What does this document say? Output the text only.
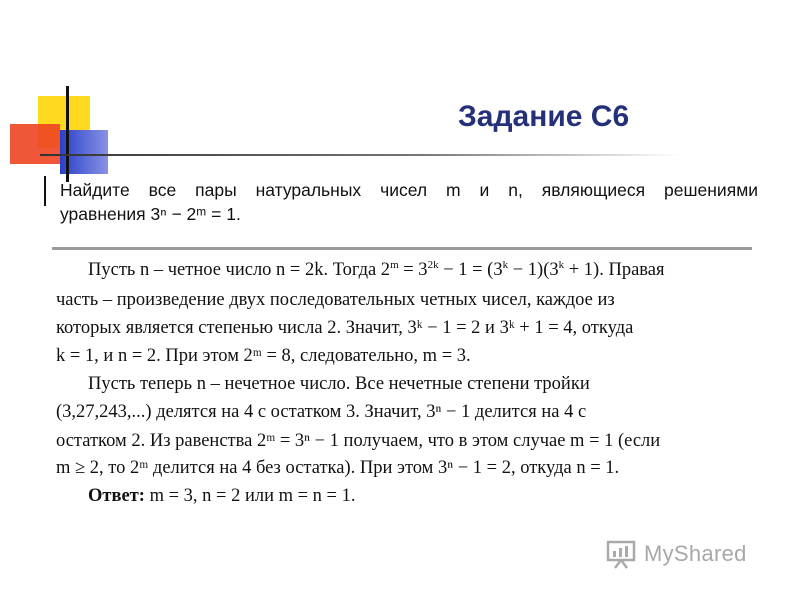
Задание С6
Найдите все пары натуральных чисел m и n, являющиеся решениями
уравнения 3ⁿ − 2ᵐ = 1.
Пусть n – четное число n = 2k. Тогда $2^m = 3^{2k} - 1 = (3^k - 1)(3^k + 1)$. Правая
часть – произведение двух последовательных четных чисел, каждое из
которых является степенью числа 2. Значит, 3ᵏ − 1 = 2 и 3ᵏ + 1 = 4, откуда
k = 1, и n = 2. При этом 2ᵐ = 8, следовательно, m = 3.
Пусть теперь n – нечетное число. Все нечетные степени тройки
(3,27,243,...) делятся на 4 с остатком 3. Значит, 3ⁿ − 1 делится на 4 с
остатком 2. Из равенства 2ᵐ = 3ⁿ − 1 получаем, что в этом случае m = 1 (если
m ≥ 2, то 2ᵐ делится на 4 без остатка). При этом 3ⁿ − 1 = 2, откуда n = 1.
Ответ: m = 3, n = 2 или m = n = 1.
MyShared
